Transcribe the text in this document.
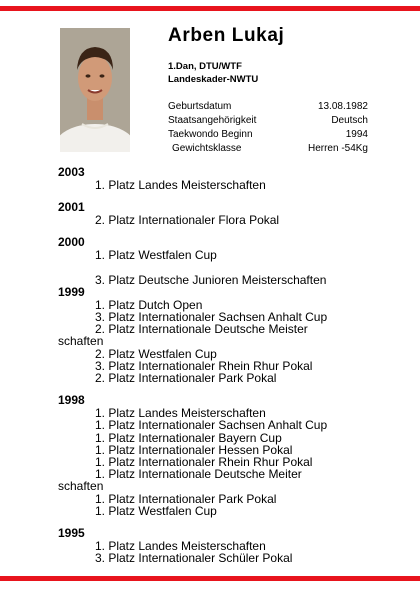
Arben Lukaj
1.Dan, DTU/WTF
Landeskader-NWTU
Geburtsdatum	13.08.1982
Staatsangehörigkeit	Deutsch
Taekwondo Beginn	1994
Gewichtsklasse	Herren -54Kg
2003
1. Platz Landes Meisterschaften
2001
2. Platz Internationaler Flora Pokal
2000
1. Platz Westfalen Cup
3. Platz Deutsche Junioren Meisterschaften
1999
1. Platz Dutch Open
3. Platz Internationaler Sachsen Anhalt Cup
2. Platz Internationale Deutsche Meister
schaften
2. Platz Westfalen Cup
3. Platz Internationaler Rhein Rhur Pokal
2. Platz Internationaler Park Pokal
1998
1. Platz Landes Meisterschaften
1. Platz Internationaler Sachsen Anhalt Cup
1. Platz Internationaler Bayern Cup
1. Platz Internationaler Hessen Pokal
1. Platz Internationaler Rhein Rhur Pokal
1. Platz Internationale Deutsche Meiter
schaften
1. Platz Internationaler Park Pokal
1. Platz Westfalen Cup
1995
1. Platz Landes Meisterschaften
3. Platz Internationaler Schüler Pokal
